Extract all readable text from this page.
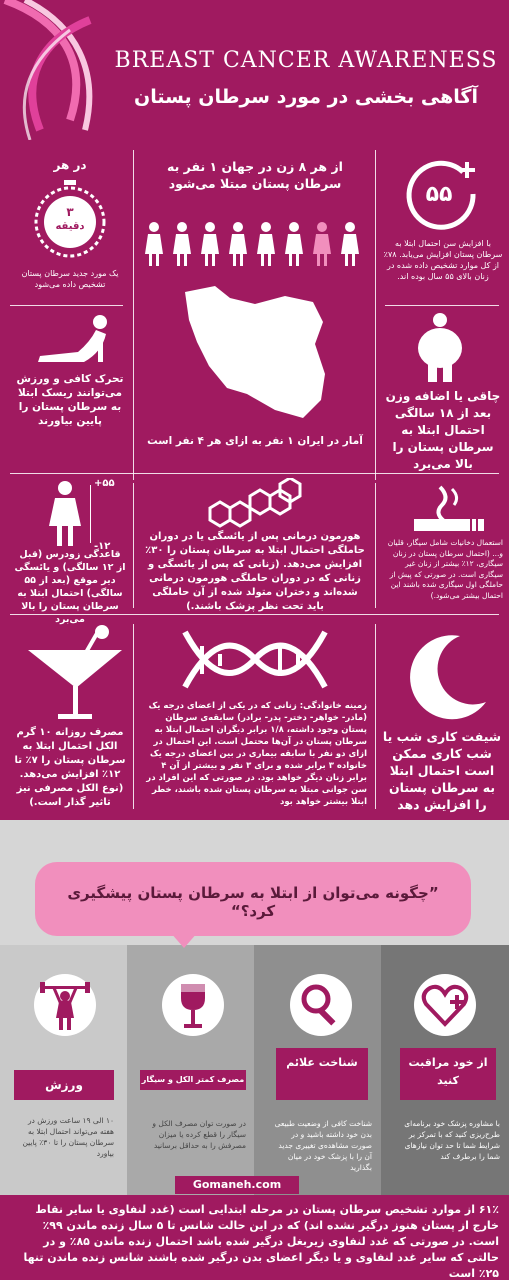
BREAST CANCER AWARENESS
آگاهی بخشی در مورد سرطان پستان
در هر
۳
دقیقه
یک مورد جدید سرطان پستان تشخیص داده می‌شود
از هر ۸ زن در جهان ۱ نفر به سرطان پستان مبتلا می‌شود
آمار در ایران ۱ نفر به ازای هر ۴ نفر است
۵۵
با افزایش سن احتمال ابتلا به سرطان پستان افزایش می‌یابد. ۷۸٪ از کل موارد تشخیص داده شده در زنان بالای ۵۵ سال بوده اند.
تحرک کافی و ورزش می‌توانند ریسک ابتلا به سرطان پستان را پایین بیاورند
چاقی یا اضافه وزن بعد از ۱۸ سالگی احتمال ابتلا به سرطان پستان را بالا می‌برد
+۵۵
-۱۲
قاعدگی زودرس (قبل از ۱۲ سالگی) و یائسگی دیر موقع (بعد از ۵۵ سالگی) احتمال ابتلا به سرطان پستان را بالا می‌برد
هورمون درمانی پس از یائسگی یا در دوران حاملگی احتمال ابتلا به سرطان پستان را ۳۰٪ افزایش می‌دهد. (زنانی که پس از یائسگی و زنانی که در دوران حاملگی هورمون درمانی شده‌اند و دختران متولد شده از آن حاملگی باید تحت نظر پزشک باشند.)
استعمال دخانیات شامل سیگار، قلیان و... (احتمال سرطان پستان در زنان سیگاری، ۱۲٪ بیشتر از زنان غیر سیگاری است. در صورتی که پیش از حاملگی اول سیگاری شده باشند این احتمال بیشتر می‌شود.)
مصرف روزانه ۱۰ گرم الکل احتمال ابتلا به سرطان پستان را ۷٪ تا ۱۲٪ افزایش می‌دهد. (نوع الکل مصرفی نیز تاثیر گذار است.)
زمینه خانوادگی: زنانی که در یکی از اعضای درجه یک (مادر- خواهر- دختر- پدر- برادر) سابقه‌ی سرطان پستان وجود داشته، ۱/۸ برابر دیگران احتمال ابتلا به سرطان پستان در آن‌ها محتمل است. این احتمال در ازای دو نفر با سابقه بیماری در بین اعضای درجه یک خانواده ۳ برابر شده و برای ۳ نفر و بیشتر از آن ۴ برابر زنان دیگر خواهد بود. در صورتی که این افراد در سن جوانی مبتلا به سرطان پستان شده باشند، خطر ابتلا بیشتر خواهد بود
شیفت کاری شب یا شب کاری ممکن است احتمال ابتلا به سرطان پستان را افزایش دهد
”چگونه می‌توان از ابتلا به سرطان پستان پیشگیری کرد؟“
ورزش
۱۰ الی ۱۹ ساعت ورزش در هفته می‌تواند احتمال ابتلا به سرطان پستان را تا ۳۰٪ پایین بیاورد
مصرف کمتر الکل و سیگار
در صورت توان مصرف الکل و سیگار را قطع کرده یا میزان مصرفش را به حداقل برسانید
شناخت علائم
شناخت کافی از وضعیت طبیعی بدن خود داشته باشید و در صورت مشاهده‌ی تغییری جدید آن را با پزشک خود در میان بگذارید
از خود مراقبت کنید
با مشاوره پزشک خود برنامه‌ای طرح‌ریزی کنید که با تمرکز بر شرایط شما تا حد توان نیازهای شما را برطرف کند
Gomaneh.com
۶۱٪ از موارد تشخیص سرطان پستان در مرحله ابتدایی است (غدد لنفاوی یا سایر نقاط خارج از پستان هنوز درگیر نشده اند) که در این حالت شانس تا ۵ سال زنده ماندن ۹۹٪ است. در صورتی که غدد لنفاوی زیربغل درگیر شده باشد احتمال زنده ماندن ۸۵٪ و در حالتی که سایر غدد لنفاوی و یا دیگر اعضای بدن درگیر شده باشند شانس زنده ماندن تنها ۲۵٪ است
